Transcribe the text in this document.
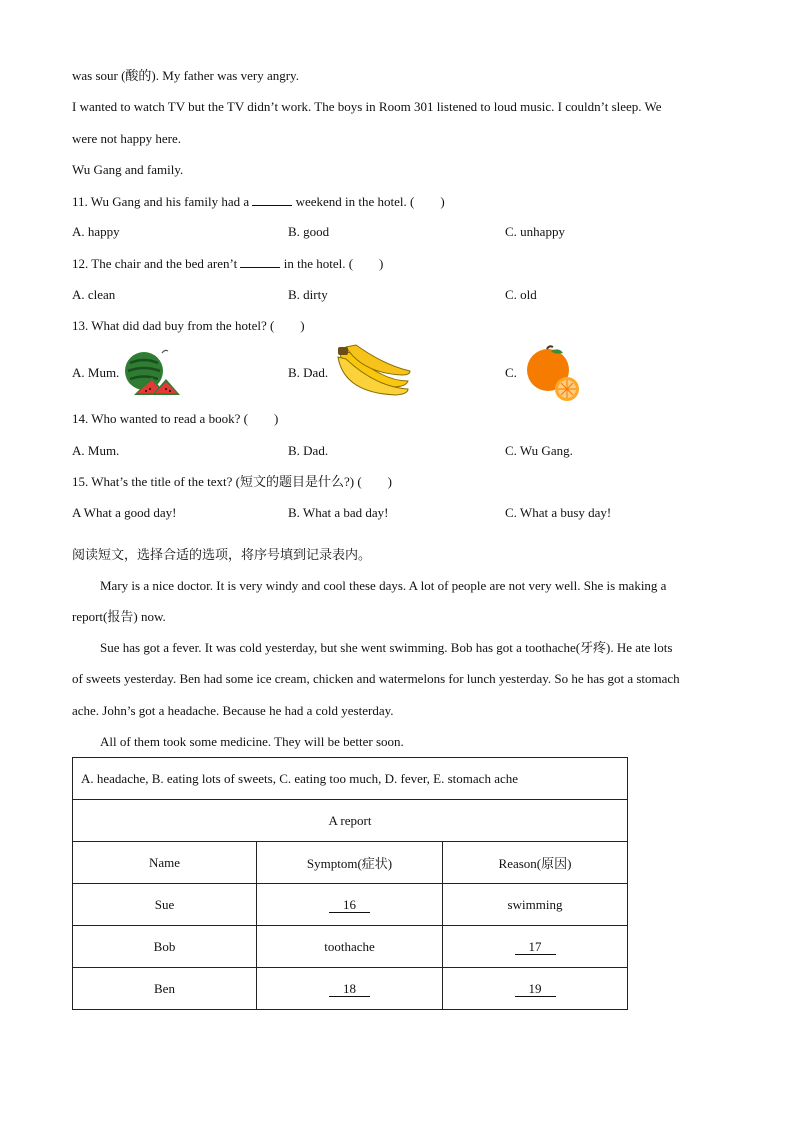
was sour (酸的). My father was very angry.
I wanted to watch TV but the TV didn’t work. The boys in Room 301 listened to loud music. I couldn’t sleep. We
were not happy here.
Wu Gang and family.
11. Wu Gang and his family had a	weekend in the hotel. ( )
A. happy	B. good	C. unhappy
12. The chair and the bed aren’t	in the hotel. ( )
A. clean	B. dirty	C. old
13. What did dad buy from the hotel? ( )
A. Mum.	B. Dad.	C.
14. Who wanted to read a book? ( )
A. Mum.	B. Dad.	C. Wu Gang.
15. What’s the title of the text? (短文的题目是什么?) ( )
A What a good day!	B. What a bad day!	C. What a busy day!
阅读短文，选择合适的选项，将序号填到记录表内。
Mary is a nice doctor. It is very windy and cool these days. A lot of people are not very well. She is making a
report(报告) now.
Sue has got a fever. It was cold yesterday, but she went swimming. Bob has got a toothache(牙疼). He ate lots
of sweets yesterday. Ben had some ice cream, chicken and watermelons for lunch yesterday. So he has got a stomach
ache. John’s got a headache. Because he had a cold yesterday.
All of them took some medicine. They will be better soon.
A. headache, B. eating lots of sweets, C. eating too much, D. fever, E. stomach ache		
A report		
Name	Symptom(症状)	Reason(原因)
Sue	16	swimming
Bob	toothache	17
Ben	18	19
